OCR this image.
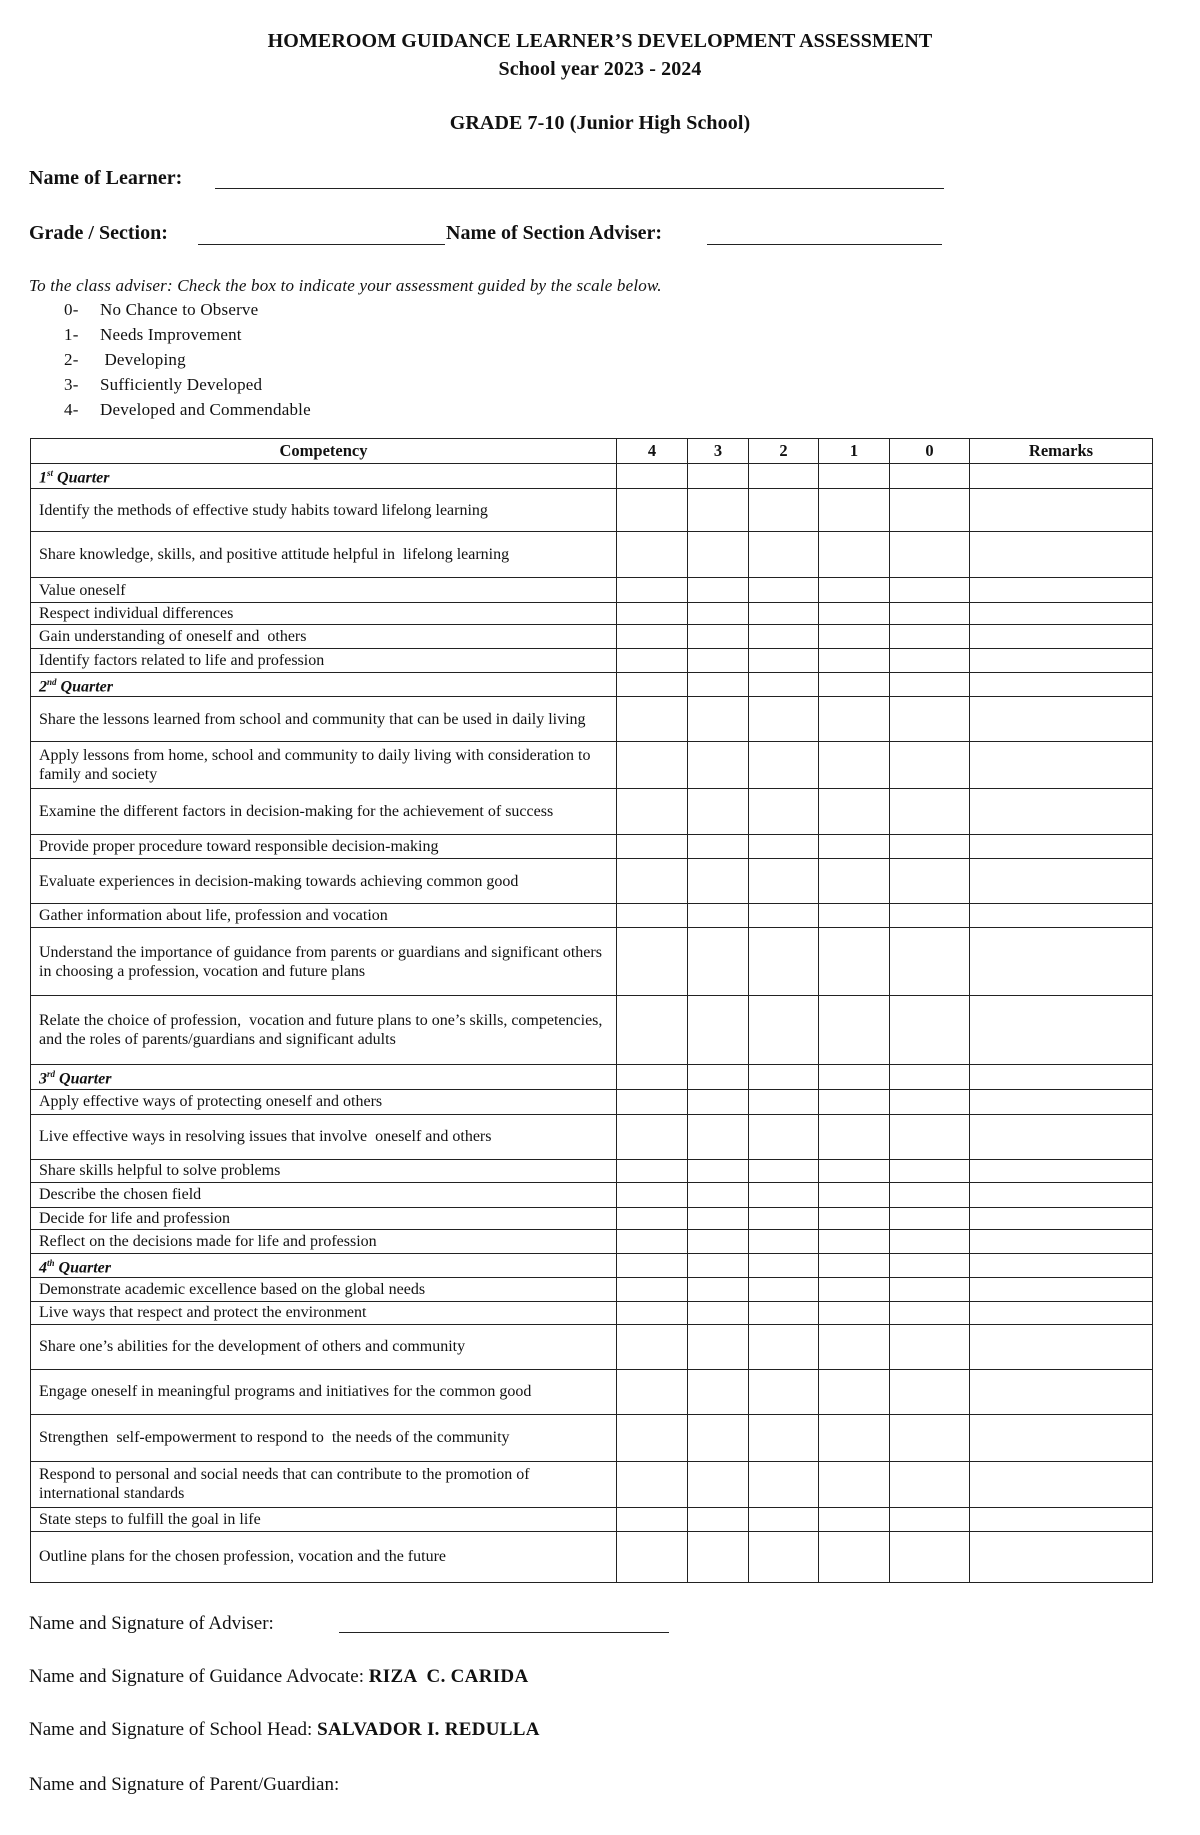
HOMEROOM GUIDANCE LEARNER’S DEVELOPMENT ASSESSMENT
School year 2023 - 2024
GRADE 7-10 (Junior High School)
Name of Learner:
Grade / Section:	Name of Section Adviser:
To the class adviser: Check the box to indicate your assessment guided by the scale below.
0- No Chance to Observe
1- Needs Improvement
2- Developing
3- Sufficiently Developed
4- Developed and Commendable
Competency	4	3	2	1	0	Remarks
1st Quarter						
Identify the methods of effective study habits toward lifelong learning						
Share knowledge, skills, and positive attitude helpful in  lifelong learning						
Value oneself						
Respect individual differences						
Gain understanding of oneself and  others						
Identify factors related to life and profession						
2nd Quarter						
Share the lessons learned from school and community that can be used in daily living						
Apply lessons from home, school and community to daily living with consideration to family and society						
Examine the different factors in decision-making for the achievement of success						
Provide proper procedure toward responsible decision-making						
Evaluate experiences in decision-making towards achieving common good						
Gather information about life, profession and vocation						
Understand the importance of guidance from parents or guardians and significant others in choosing a profession, vocation and future plans						
Relate the choice of profession,  vocation and future plans to one’s skills, competencies, and the roles of parents/guardians and significant adults						
3rd Quarter						
Apply effective ways of protecting oneself and others						
Live effective ways in resolving issues that involve  oneself and others						
Share skills helpful to solve problems						
Describe the chosen field						
Decide for life and profession						
Reflect on the decisions made for life and profession						
4th Quarter						
Demonstrate academic excellence based on the global needs						
Live ways that respect and protect the environment						
Share one’s abilities for the development of others and community						
Engage oneself in meaningful programs and initiatives for the common good						
Strengthen  self-empowerment to respond to  the needs of the community						
Respond to personal and social needs that can contribute to the promotion of   international standards						
State steps to fulfill the goal in life						
Outline plans for the chosen profession, vocation and the future						
Name and Signature of Adviser:
Name and Signature of Guidance Advocate: RIZA  C. CARIDA
Name and Signature of School Head: SALVADOR I. REDULLA
Name and Signature of Parent/Guardian:
